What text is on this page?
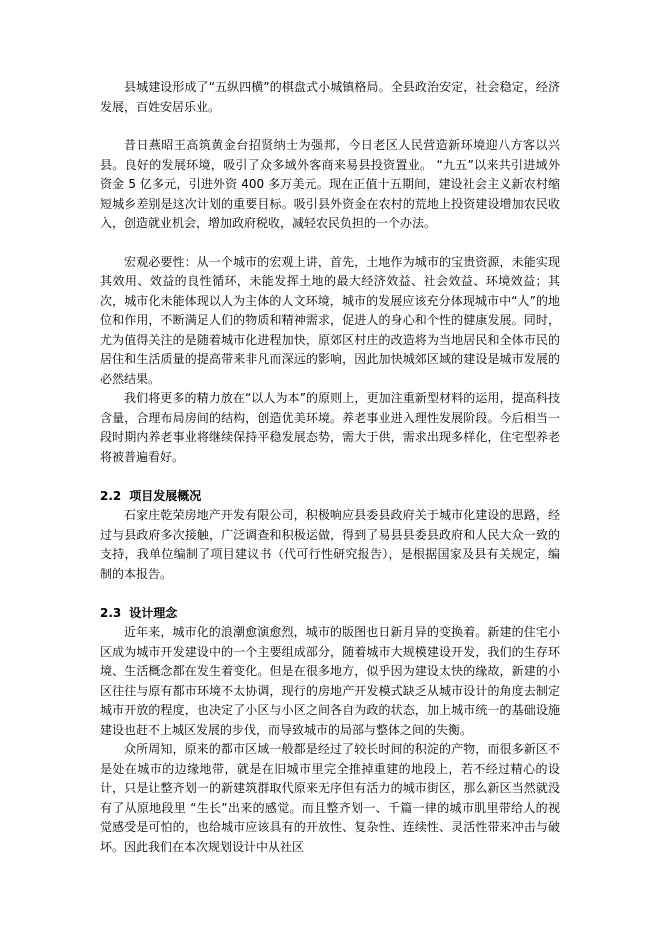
县城建设形成了“五纵四横”的棋盘式小城镇格局。全县政治安定，社会稳定，经济发展，百姓安居乐业。

昔日燕昭王高筑黄金台招贤纳士为强邦，今日老区人民营造新环境迎八方客以兴县。良好的发展环境，吸引了众多域外客商来易县投资置业。 “九五”以来共引进域外资金 5 亿多元，引进外资 400 多万美元。现在正值十五期间，建设社会主义新农村缩短城乡差别是这次计划的重要目标。吸引县外资金在农村的荒地上投资建设增加农民收入，创造就业机会，增加政府税收，减轻农民负担的一个办法。

宏观必要性：从一个城市的宏观上讲，首先，土地作为城市的宝贵资源，未能实现其效用、效益的良性循环，未能发挥土地的最大经济效益、社会效益、环境效益；其次，城市化未能体现以人为主体的人文环境，城市的发展应该充分体现城市中“人”的地位和作用，不断满足人们的物质和精神需求，促进人的身心和个性的健康发展。同时，尤为值得关注的是随着城市化进程加快，原郊区村庄的改造将为当地居民和全体市民的居住和生活质量的提高带来非凡而深远的影响，因此加快城郊区域的建设是城市发展的必然结果。

我们将更多的精力放在“以人为本”的原则上，更加注重新型材料的运用，提高科技含量，合理布局房间的结构，创造优美环境。养老事业进入理性发展阶段。今后相当一段时期内养老事业将继续保持平稳发展态势，需大于供，需求出现多样化，住宅型养老将被普遍看好。

2.2 项目发展概况

石家庄乾荣房地产开发有限公司，积极响应县委县政府关于城市化建设的思路，经过与县政府多次接触，广泛调查和积极运做，得到了易县县委县政府和人民大众一致的支持，我单位编制了项目建议书（代可行性研究报告），是根据国家及县有关规定，编制的本报告。

2.3 设计理念

近年来，城市化的浪潮愈演愈烈，城市的版图也日新月异的变换着。新建的住宅小区成为城市开发建设中的一个主要组成部分，随着城市大规模建设开发，我们的生存环境、生活概念都在发生着变化。但是在很多地方，似乎因为建设太快的缘故，新建的小区往往与原有都市环境不太协调，现行的房地产开发模式缺乏从城市设计的角度去制定城市开放的程度，也决定了小区与小区之间各自为政的状态，加上城市统一的基础设施建设也赶不上城区发展的步伐，而导致城市的局部与整体之间的失衡。

众所周知，原来的都市区域一般都是经过了较长时间的积淀的产物，而很多新区不是处在城市的边缘地带，就是在旧城市里完全推掉重建的地段上，若不经过精心的设计，只是让整齐划一的新建筑群取代原来无序但有活力的城市街区，那么新区当然就没有了从原地段里 “生长”出来的感觉。而且整齐划一、千篇一律的城市肌里带给人的视觉感受是可怕的，也给城市应该具有的开放性、复杂性、连续性、灵活性带来冲击与破坏。因此我们在本次规划设计中从社区
